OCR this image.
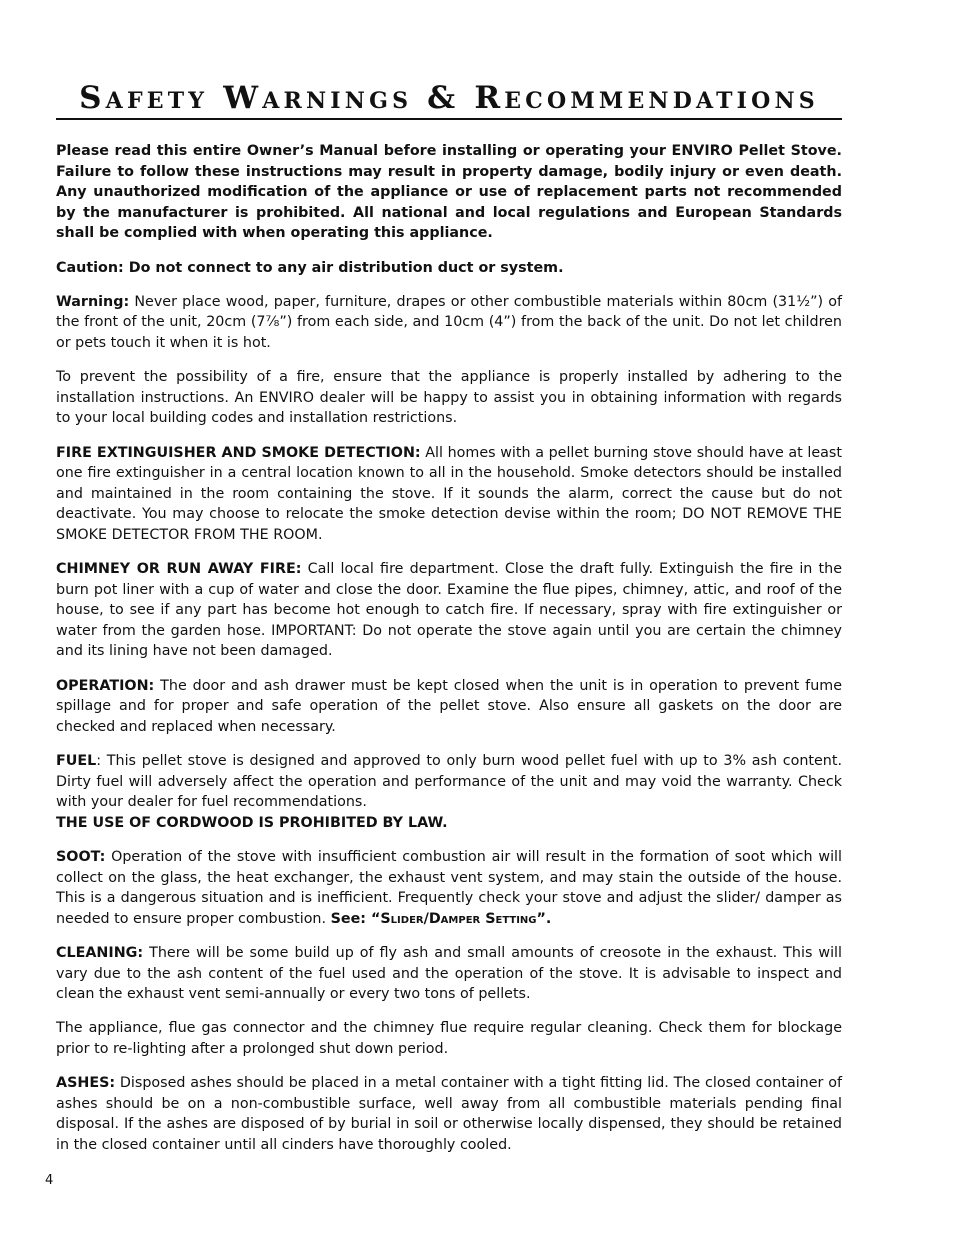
Safety Warnings & Recommendations

Please read this entire Owner’s Manual before installing or operating your ENVIRO Pellet Stove. Failure to follow these instructions may result in property damage, bodily injury or even death. Any unauthorized modification of the appliance or use of replacement parts not recommended by the manufacturer is prohibited. All national and local regulations and European Standards shall be complied with when operating this appliance.

Caution: Do not connect to any air distribution duct or system.

Warning: Never place wood, paper, furniture, drapes or other combustible materials within 80cm (31½”) of the front of the unit, 20cm (7⅞”) from each side, and 10cm (4”) from the back of the unit. Do not let children or pets touch it when it is hot.

To prevent the possibility of a fire, ensure that the appliance is properly installed by adhering to the installation instructions. An ENVIRO dealer will be happy to assist you in obtaining information with regards to your local building codes and installation restrictions.

FIRE EXTINGUISHER AND SMOKE DETECTION: All homes with a pellet burning stove should have at least one fire extinguisher in a central location known to all in the household. Smoke detectors should be installed and maintained in the room containing the stove. If it sounds the alarm, correct the cause but do not deactivate. You may choose to relocate the smoke detection devise within the room; DO NOT REMOVE THE SMOKE DETECTOR FROM THE ROOM.

CHIMNEY OR RUN AWAY FIRE: Call local fire department. Close the draft fully. Extinguish the fire in the burn pot liner with a cup of water and close the door. Examine the flue pipes, chimney, attic, and roof of the house, to see if any part has become hot enough to catch fire. If necessary, spray with fire extinguisher or water from the garden hose. IMPORTANT: Do not operate the stove again until you are certain the chimney and its lining have not been damaged.

OPERATION: The door and ash drawer must be kept closed when the unit is in operation to prevent fume spillage and for proper and safe operation of the pellet stove. Also ensure all gaskets on the door are checked and replaced when necessary.

FUEL: This pellet stove is designed and approved to only burn wood pellet fuel with up to 3% ash content. Dirty fuel will adversely affect the operation and performance of the unit and may void the warranty. Check with your dealer for fuel recommendations.

THE USE OF CORDWOOD IS PROHIBITED BY LAW.

SOOT: Operation of the stove with insufficient combustion air will result in the formation of soot which will collect on the glass, the heat exchanger, the exhaust vent system, and may stain the outside of the house. This is a dangerous situation and is inefficient. Frequently check your stove and adjust the slider/ damper as needed to ensure proper combustion. See: “Slider/Damper Setting”.

CLEANING: There will be some build up of fly ash and small amounts of creosote in the exhaust. This will vary due to the ash content of the fuel used and the operation of the stove. It is advisable to inspect and clean the exhaust vent semi-annually or every two tons of pellets.

The appliance, flue gas connector and the chimney flue require regular cleaning. Check them for blockage prior to re-lighting after a prolonged shut down period.

ASHES: Disposed ashes should be placed in a metal container with a tight fitting lid. The closed container of ashes should be on a non-combustible surface, well away from all combustible materials pending final disposal. If the ashes are disposed of by burial in soil or otherwise locally dispensed, they should be retained in the closed container until all cinders have thoroughly cooled.

4
